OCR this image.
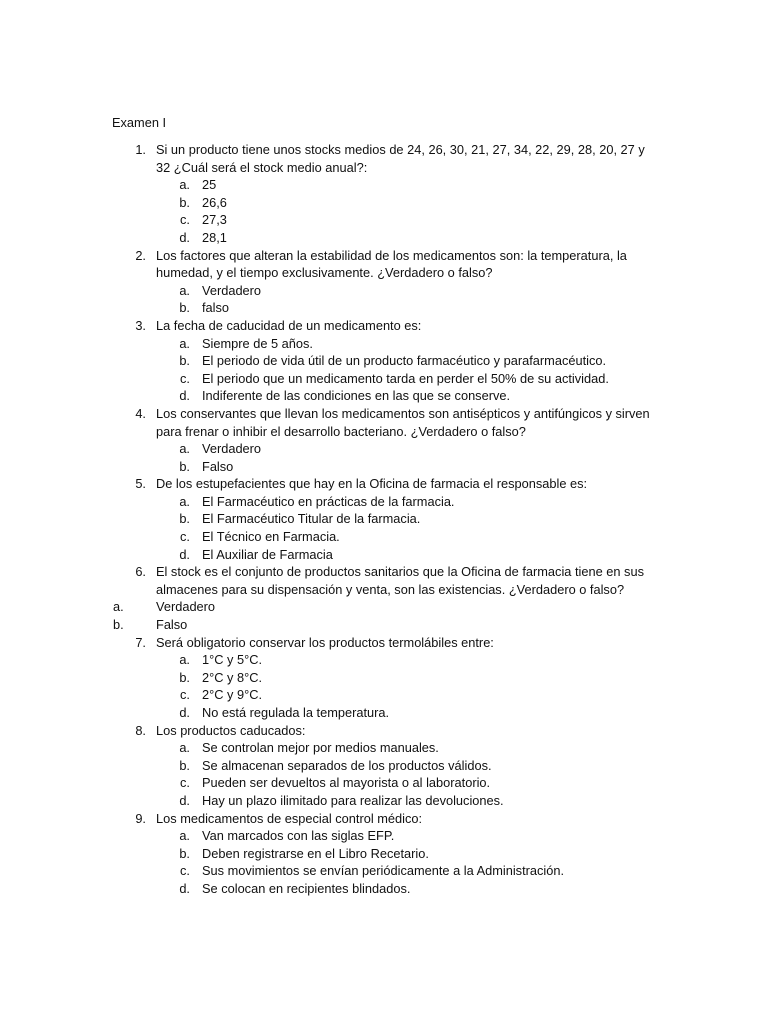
Examen I
1. Si un producto tiene unos stocks medios de 24, 26, 30, 21, 27, 34, 22, 29, 28, 20, 27 y
32 ¿Cuál será el stock medio anual?:
a. 25
b. 26,6
c. 27,3
d. 28,1
2. Los factores que alteran la estabilidad de los medicamentos son: la temperatura, la
humedad, y el tiempo exclusivamente. ¿Verdadero o falso?
a. Verdadero
b. falso
3. La fecha de caducidad de un medicamento es:
a. Siempre de 5 años.
b. El periodo de vida útil de un producto farmacéutico y parafarmacéutico.
c. El periodo que un medicamento tarda en perder el 50% de su actividad.
d. Indiferente de las condiciones en las que se conserve.
4. Los conservantes que llevan los medicamentos son antisépticos y antifúngicos y sirven
para frenar o inhibir el desarrollo bacteriano. ¿Verdadero o falso?
a. Verdadero
b. Falso
5. De los estupefacientes que hay en la Oficina de farmacia el responsable es:
a. El Farmacéutico en prácticas de la farmacia.
b. El Farmacéutico Titular de la farmacia.
c. El Técnico en Farmacia.
d. El Auxiliar de Farmacia
6. El stock es el conjunto de productos sanitarios que la Oficina de farmacia tiene en sus
almacenes para su dispensación y venta, son las existencias. ¿Verdadero o falso?
a.	Verdadero
b.	Falso
7. Será obligatorio conservar los productos termolábiles entre:
a. 1°C y 5°C.
b. 2°C y 8°C.
c. 2°C y 9°C.
d. No está regulada la temperatura.
8. Los productos caducados:
a. Se controlan mejor por medios manuales.
b. Se almacenan separados de los productos válidos.
c. Pueden ser devueltos al mayorista o al laboratorio.
d. Hay un plazo ilimitado para realizar las devoluciones.
9. Los medicamentos de especial control médico:
a. Van marcados con las siglas EFP.
b. Deben registrarse en el Libro Recetario.
c. Sus movimientos se envían periódicamente a la Administración.
d. Se colocan en recipientes blindados.
